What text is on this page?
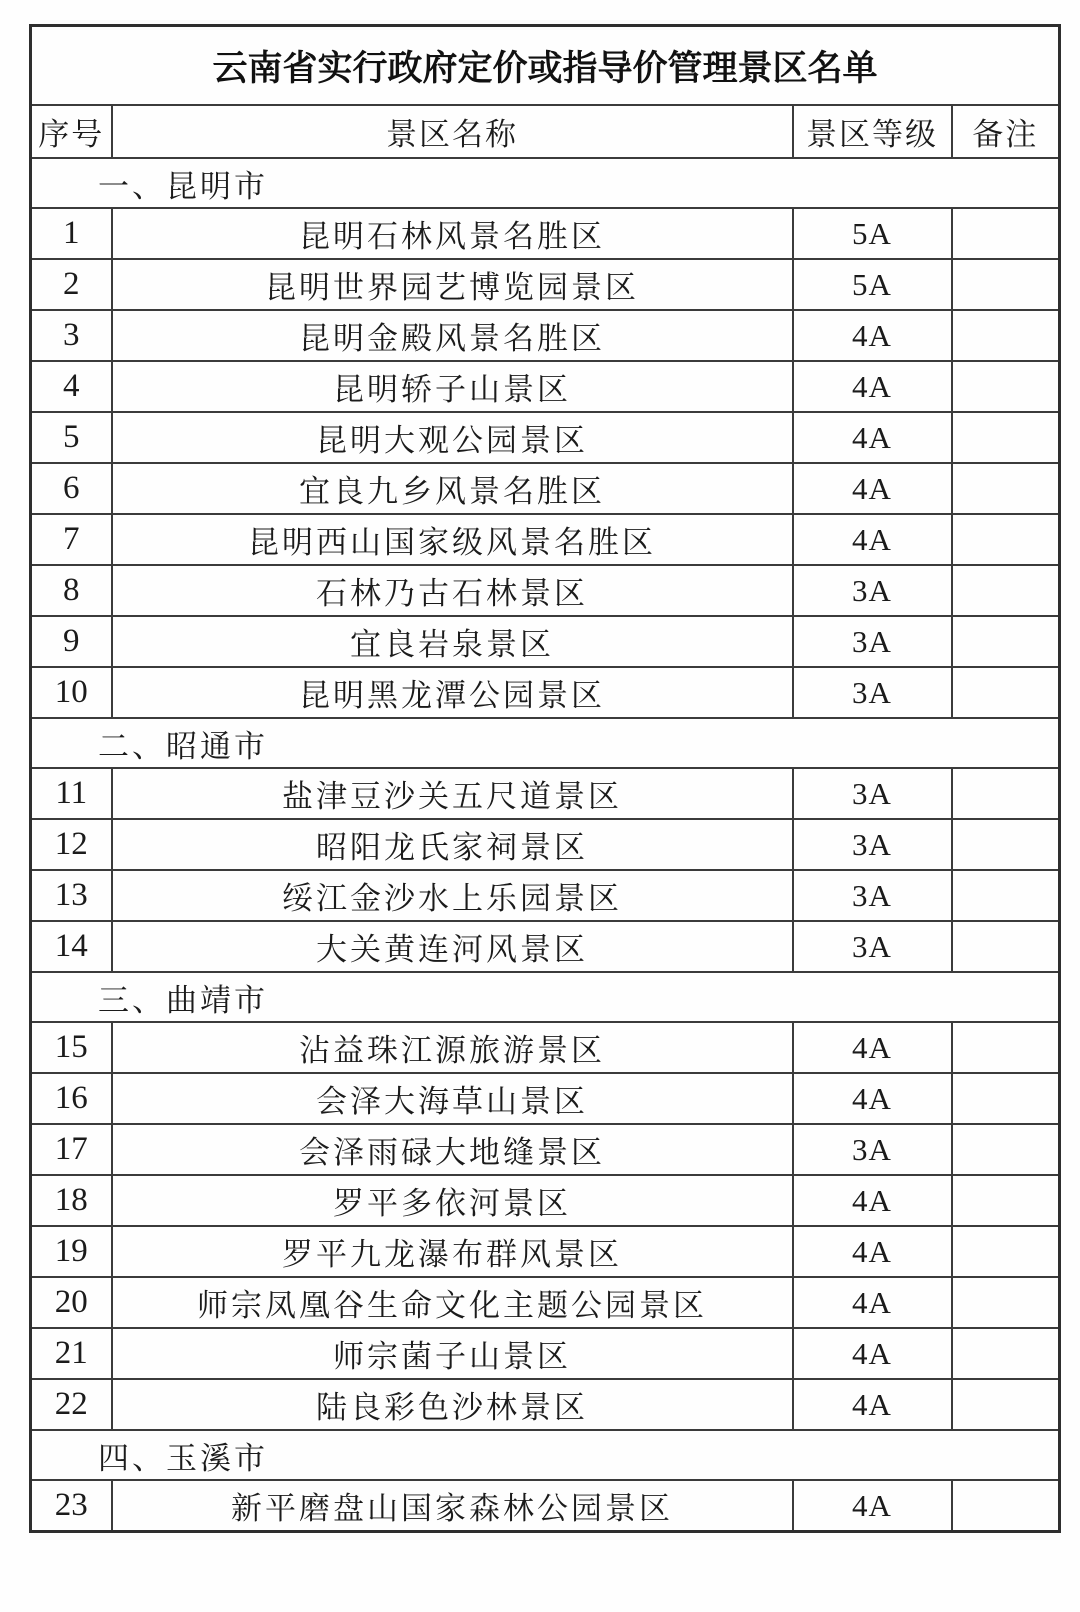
云南省实行政府定价或指导价管理景区名单			
序号	景区名称	景区等级	备注
一、昆明市			
1	昆明石林风景名胜区	5A	
2	昆明世界园艺博览园景区	5A	
3	昆明金殿风景名胜区	4A	
4	昆明轿子山景区	4A	
5	昆明大观公园景区	4A	
6	宜良九乡风景名胜区	4A	
7	昆明西山国家级风景名胜区	4A	
8	石林乃古石林景区	3A	
9	宜良岩泉景区	3A	
10	昆明黑龙潭公园景区	3A	
二、昭通市			
11	盐津豆沙关五尺道景区	3A	
12	昭阳龙氏家祠景区	3A	
13	绥江金沙水上乐园景区	3A	
14	大关黄连河风景区	3A	
三、曲靖市			
15	沾益珠江源旅游景区	4A	
16	会泽大海草山景区	4A	
17	会泽雨碌大地缝景区	3A	
18	罗平多依河景区	4A	
19	罗平九龙瀑布群风景区	4A	
20	师宗凤凰谷生命文化主题公园景区	4A	
21	师宗菌子山景区	4A	
22	陆良彩色沙林景区	4A	
四、玉溪市			
23	新平磨盘山国家森林公园景区	4A	
